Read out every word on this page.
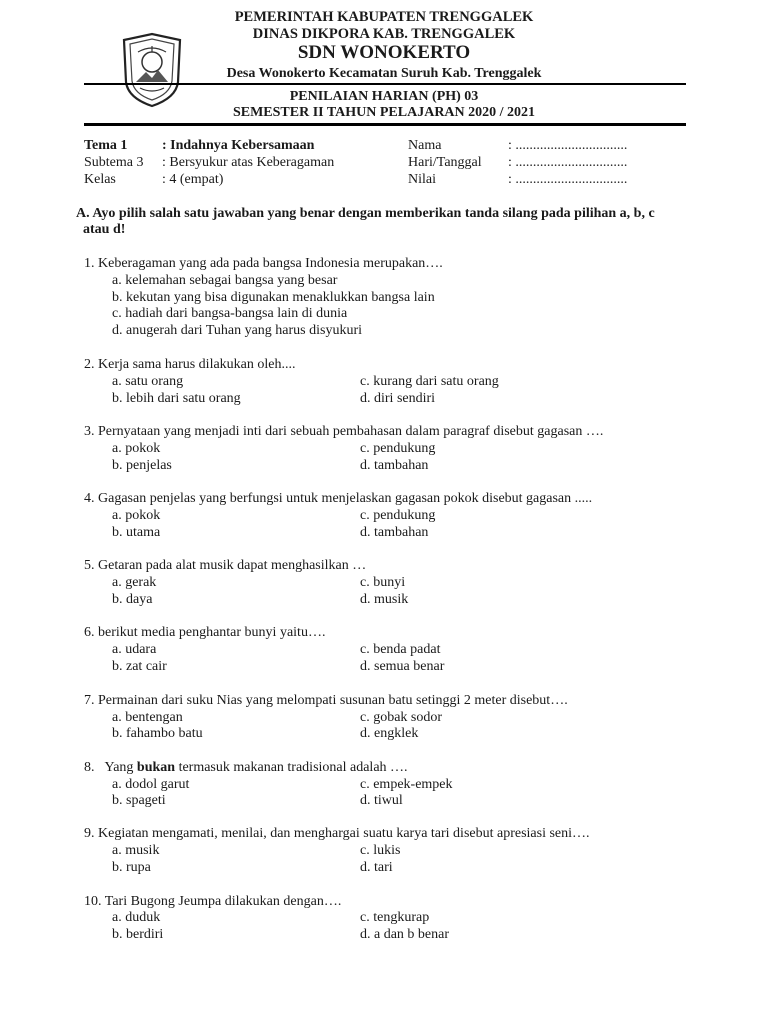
PEMERINTAH KABUPATEN TRENGGALEK
DINAS DIKPORA KAB. TRENGGALEK
SDN WONOKERTO
Desa Wonokerto Kecamatan Suruh Kab. Trenggalek
PENILAIAN HARIAN (PH) 03
SEMESTER II TAHUN PELAJARAN 2020 / 2021
Tema 1 : Indahnya Kebersamaan
Subtema 3 : Bersyukur atas Keberagaman
Kelas	: 4 (empat)
Nama	: ................................
Hari/Tanggal : ................................
Nilai	: ................................
A. Ayo pilih salah satu jawaban yang benar dengan memberikan tanda silang pada pilihan a, b, c
atau d!
1. Keberagaman yang ada pada bangsa Indonesia merupakan….
a. kelemahan sebagai bangsa yang besar
b. kekutan yang bisa digunakan menaklukkan bangsa lain
c. hadiah dari bangsa-bangsa lain di dunia
d. anugerah dari Tuhan yang harus disyukuri
2. Kerja sama harus dilakukan oleh....
a. satu orang	c. kurang dari satu orang
b. lebih dari satu orang	d. diri sendiri
3. Pernyataan yang menjadi inti dari sebuah pembahasan dalam paragraf disebut gagasan ….
a. pokok	c. pendukung
b. penjelas	d. tambahan
4. Gagasan penjelas yang berfungsi untuk menjelaskan gagasan pokok disebut gagasan .....
a. pokok	c. pendukung
b. utama	d. tambahan
5. Getaran pada alat musik dapat menghasilkan …
a. gerak	c. bunyi
b. daya	d. musik
6. berikut media penghantar bunyi yaitu….
a. udara	c. benda padat
b. zat cair	d. semua benar
7. Permainan dari suku Nias yang melompati susunan batu setinggi 2 meter disebut….
a. bentengan	c. gobak sodor
b. fahambo batu	d. engklek
8.   Yang bukan termasuk makanan tradisional adalah ….
a. dodol garut	c. empek-empek
b. spageti	d. tiwul
9. Kegiatan mengamati, menilai, dan menghargai suatu karya tari disebut apresiasi seni….
a. musik	c. lukis
b. rupa	d. tari
10. Tari Bugong Jeumpa dilakukan dengan….
a. duduk	c. tengkurap
b. berdiri	d. a dan b benar
